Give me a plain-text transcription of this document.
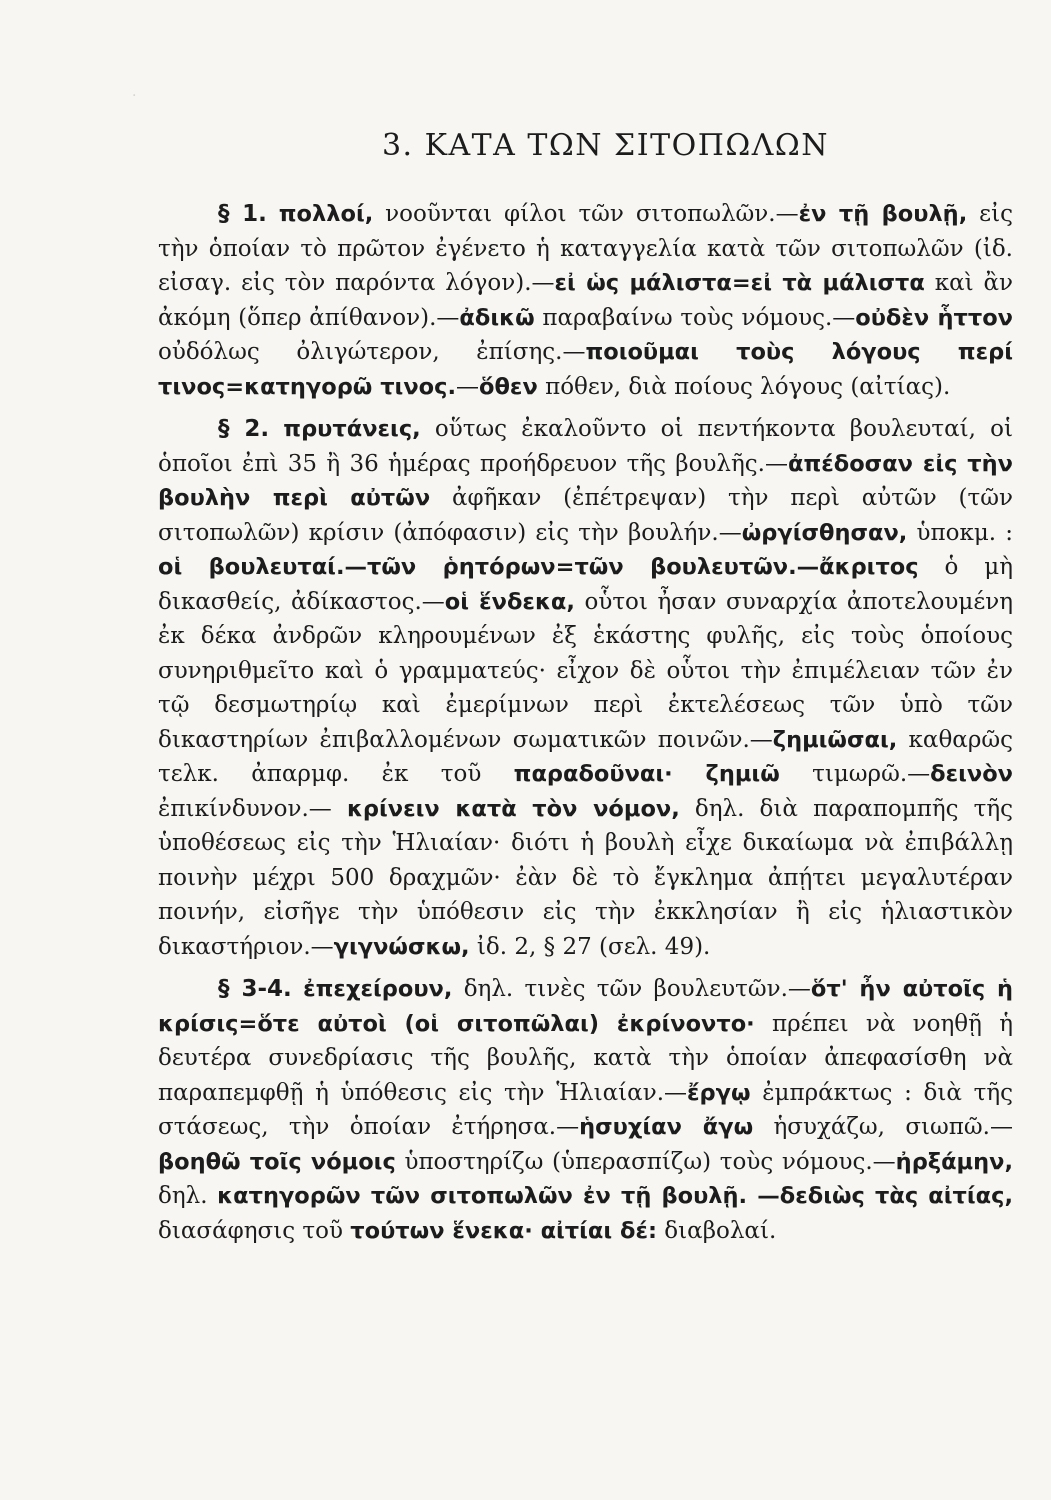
·
3. ΚΑΤΑ ΤΩΝ ΣΙΤΟΠΩΛΩΝ

§ 1. πολλοί, νοοῦνται φίλοι τῶν σιτοπωλῶν.—ἐν τῇ βουλῇ, εἰς τὴν ὁποίαν τὸ πρῶτον ἐγένετο ἡ καταγγελία κατὰ τῶν σιτοπωλῶν (ἰδ. εἰσαγ. εἰς τὸν παρόντα λόγον).—εἰ ὡς μάλιστα=εἰ τὰ μάλιστα καὶ ἂν ἀκόμη (ὅπερ ἀπίθανον).—ἀδικῶ παραβαίνω τοὺς νόμους.—οὐδὲν ἧττον οὐδόλως ὀλιγώτερον, ἐπίσης.—ποιοῦμαι τοὺς λόγους περί τινος=κατηγορῶ τινος.—ὅθεν πόθεν, διὰ ποίους λόγους (αἰτίας).

§ 2. πρυτάνεις, οὕτως ἐκαλοῦντο οἱ πεντήκοντα βουλευταί, οἱ ὁποῖοι ἐπὶ 35 ἢ 36 ἡμέρας προήδρευον τῆς βουλῆς.—ἀπέδοσαν εἰς τὴν βουλὴν περὶ αὐτῶν ἀφῆκαν (ἐπέτρεψαν) τὴν περὶ αὐτῶν (τῶν σιτοπωλῶν) κρίσιν (ἀπόφασιν) εἰς τὴν βουλήν.—ὠργίσθησαν, ὑποκμ. : οἱ βουλευταί.—τῶν ῥητόρων=τῶν βουλευτῶν.—ἄκριτος ὁ μὴ δικασθείς, ἀδίκαστος.—οἱ ἕνδεκα, οὗτοι ἦσαν συναρχία ἀποτελουμένη ἐκ δέκα ἀνδρῶν κληρουμένων ἐξ ἑκάστης φυλῆς, εἰς τοὺς ὁποίους συνηριθμεῖτο καὶ ὁ γραμματεύς· εἶχον δὲ οὗτοι τὴν ἐπιμέλειαν τῶν ἐν τῷ δεσμωτηρίῳ καὶ ἐμερίμνων περὶ ἐκτελέσεως τῶν ὑπὸ τῶν δικαστηρίων ἐπιβαλλομένων σωματικῶν ποινῶν.—ζημιῶσαι, καθαρῶς τελκ. ἀπαρμφ. ἐκ τοῦ παραδοῦναι· ζημιῶ τιμωρῶ.—δεινὸν ἐπικίνδυνον.— κρίνειν κατὰ τὸν νόμον, δηλ. διὰ παραπομπῆς τῆς ὑποθέσεως εἰς τὴν Ἡλιαίαν· διότι ἡ βουλὴ εἶχε δικαίωμα νὰ ἐπιβάλλῃ ποινὴν μέχρι 500 δραχμῶν· ἐὰν δὲ τὸ ἔγκλημα ἀπῄτει μεγαλυτέραν ποινήν, εἰσῆγε τὴν ὑπόθεσιν εἰς τὴν ἐκκλησίαν ἢ εἰς ἡλιαστικὸν δικαστήριον.—γιγνώσκω, ἰδ. 2, § 27 (σελ. 49).

§ 3-4. ἐπεχείρουν, δηλ. τινὲς τῶν βουλευτῶν.—ὅτ' ἦν αὐτοῖς ἡ κρίσις=ὅτε αὐτοὶ (οἱ σιτοπῶλαι) ἐκρίνοντο· πρέπει νὰ νοηθῇ ἡ δευτέρα συνεδρίασις τῆς βουλῆς, κατὰ τὴν ὁποίαν ἀπεφασίσθη νὰ παραπεμφθῇ ἡ ὑπόθεσις εἰς τὴν Ἡλιαίαν.—ἔργῳ ἐμπράκτως : διὰ τῆς στάσεως, τὴν ὁποίαν ἐτήρησα.—ἡσυχίαν ἄγω ἡσυχάζω, σιωπῶ.—βοηθῶ τοῖς νόμοις ὑποστηρίζω (ὑπερασπίζω) τοὺς νόμους.—ἠρξάμην, δηλ. κατηγορῶν τῶν σιτοπωλῶν ἐν τῇ βουλῇ. —δεδιὼς τὰς αἰτίας, διασάφησις τοῦ τούτων ἕνεκα· αἰτίαι δέ: διαβολαί.
